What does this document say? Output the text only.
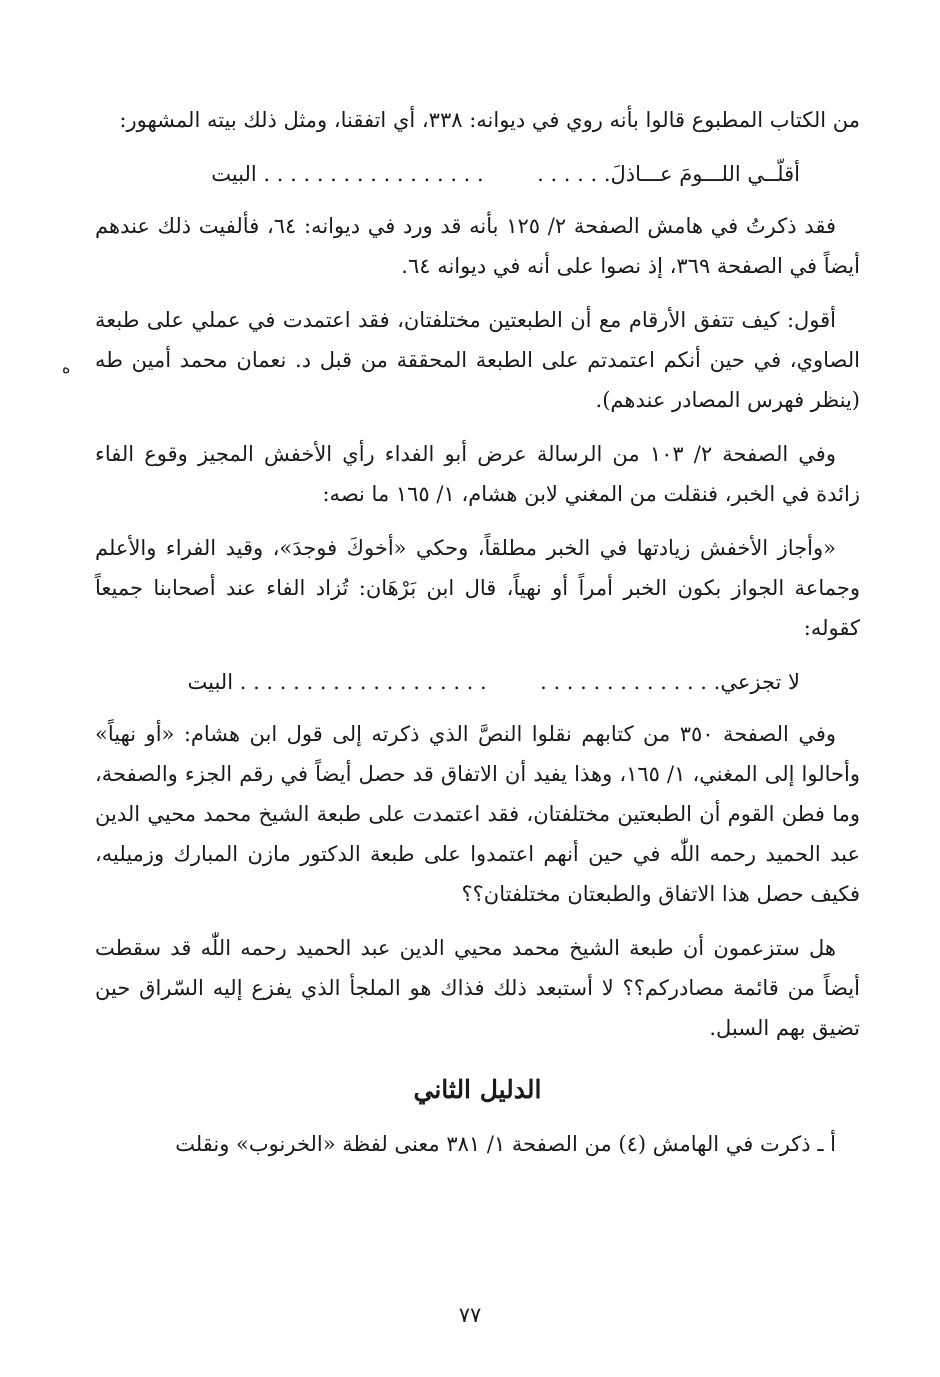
من الكتاب المطبوع قالوا بأنه روي في ديوانه: ٣٣٨، أي اتفقنا، ومثل ذلك بيته المشهور:

أقلّــي اللـــومَ عـــاذلَ. . . . . .  . . . . . . . . . . . . . . . . . البيت

فقد ذكرتُ في هامش الصفحة ٢/ ١٢٥ بأنه قد ورد في ديوانه: ٦٤، فألفيت ذلك عندهم أيضاً في الصفحة ٣٦٩، إذ نصوا على أنه في ديوانه ٦٤.

أقول: كيف تتفق الأرقام مع أن الطبعتين مختلفتان، فقد اعتمدت في عملي على طبعة الصاوي، في حين أنكم اعتمدتم على الطبعة المحققة من قبل د. نعمان محمد أمين طه (ينظر فهرس المصادر عندهم).

وفي الصفحة ٢/ ١٠٣ من الرسالة عرض أبو الفداء رأي الأخفش المجيز وقوع الفاء زائدة في الخبر، فنقلت من المغني لابن هشام، ١/ ١٦٥ ما نصه:

«وأجاز الأخفش زيادتها في الخبر مطلقاً، وحكي «أخوكَ فوجدَ»، وقيد الفراء والأعلم وجماعة الجواز بكون الخبر أمراً أو نهياً، قال ابن بَرْهَان: تُزاد الفاء عند أصحابنا جميعاً كقوله:

لا تجزعي. . . . . . . . . . . . . .  . . . . . . . . . . . . . . . . . . . البيت

وفي الصفحة ٣٥٠ من كتابهم نقلوا النصَّ الذي ذكرته إلى قول ابن هشام: «أو نهياً» وأحالوا إلى المغني، ١/ ١٦٥، وهذا يفيد أن الاتفاق قد حصل أيضاً في رقم الجزء والصفحة، وما فطن القوم أن الطبعتين مختلفتان، فقد اعتمدت على طبعة الشيخ محمد محيي الدين عبد الحميد رحمه اللّٰه في حين أنهم اعتمدوا على طبعة الدكتور مازن المبارك وزميليه، فكيف حصل هذا الاتفاق والطبعتان مختلفتان؟؟

هل ستزعمون أن طبعة الشيخ محمد محيي الدين عبد الحميد رحمه اللّٰه قد سقطت أيضاً من قائمة مصادركم؟؟ لا أستبعد ذلك فذاك هو الملجأ الذي يفزع إليه السّراق حين تضيق بهم السبل.

الدليل الثاني

أ ـ ذكرت في الهامش (٤) من الصفحة ١/ ٣٨١ معنى لفظة «الخرنوب» ونقلت

ه
٧٧
